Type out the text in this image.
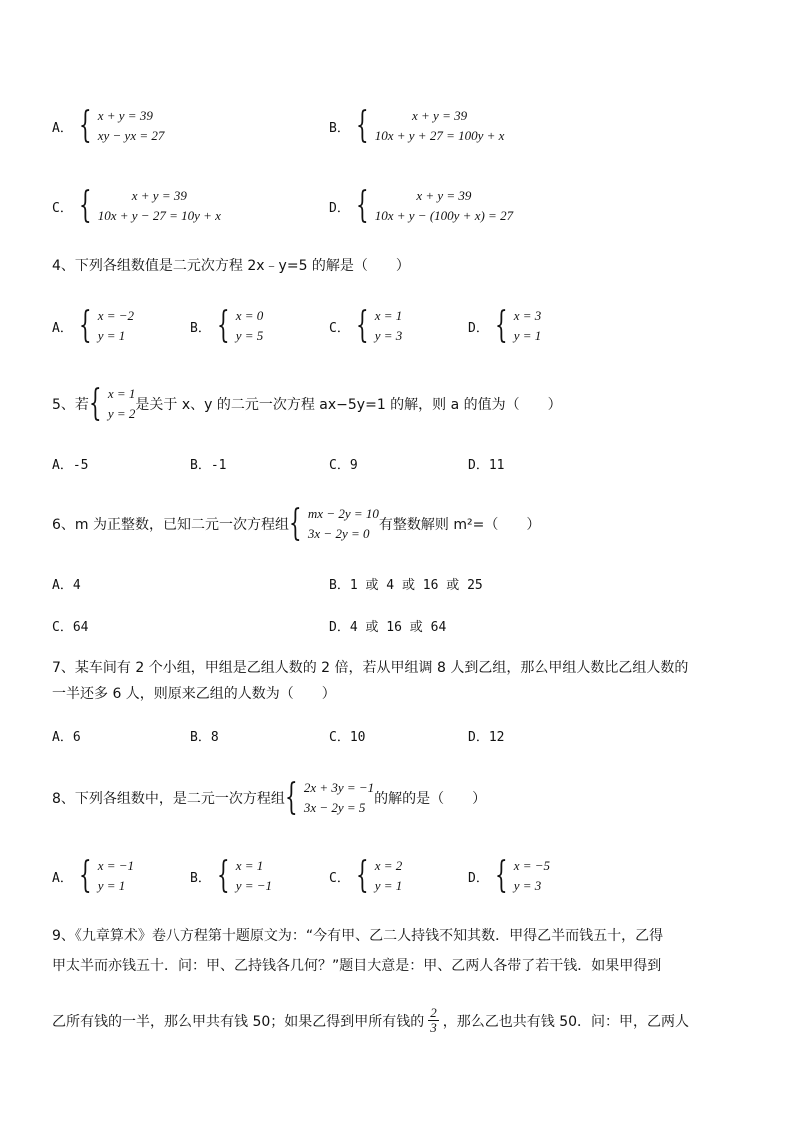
A． { x + y = 39
xy − yx = 27	B． {	x + y = 39
10x + y + 27 = 100y + x
C． {	x + y = 39
10x + y − 27 = 10y + x	D． {	x + y = 39
10x + y − (100y + x) = 27
4、下列各组数值是二元次方程 2x﹣y=5 的解是（　　）
A． { x = −2
y = 1	B． { x = 0
y = 5	C． { x = 1
y = 3	D． { x = 3
y = 1
5、若 { x = 1
y = 2
是关于 x、y 的二元一次方程 ax−5y=1 的解，则 a 的值为（　　）
A．-5	B．-1	C．9	D．11
6、m 为正整数，已知二元一次方程组 { mx − 2y = 10
3x − 2y = 0
有整数解则 m²=（　　）
A．4	B．1 或 4 或 16 或 25
C．64	D．4 或 16 或 64
7、某车间有 2 个小组，甲组是乙组人数的 2 倍，若从甲组调 8 人到乙组，那么甲组人数比乙组人数的
一半还多 6 人，则原来乙组的人数为（　　）
A．6	B．8	C．10	D．12
8、下列各组数中，是二元一次方程组 { 2x + 3y = −1
3x − 2y = 5
的解的是（　　）
A． { x = −1
y = 1	B． { x = 1
y = −1	C． { x = 2
y = 1	D． { x = −5
y = 3
9、《九章算术》卷八方程第十题原文为：“今有甲、乙二人持钱不知其数．甲得乙半而钱五十，乙得
甲太半而亦钱五十．问：甲、乙持钱各几何？”题目大意是：甲、乙两人各带了若干钱．如果甲得到
乙所有钱的一半，那么甲共有钱 50；如果乙得到甲所有钱的 $\frac{2}{3}$ ，那么乙也共有钱 50．问：甲，乙两人
